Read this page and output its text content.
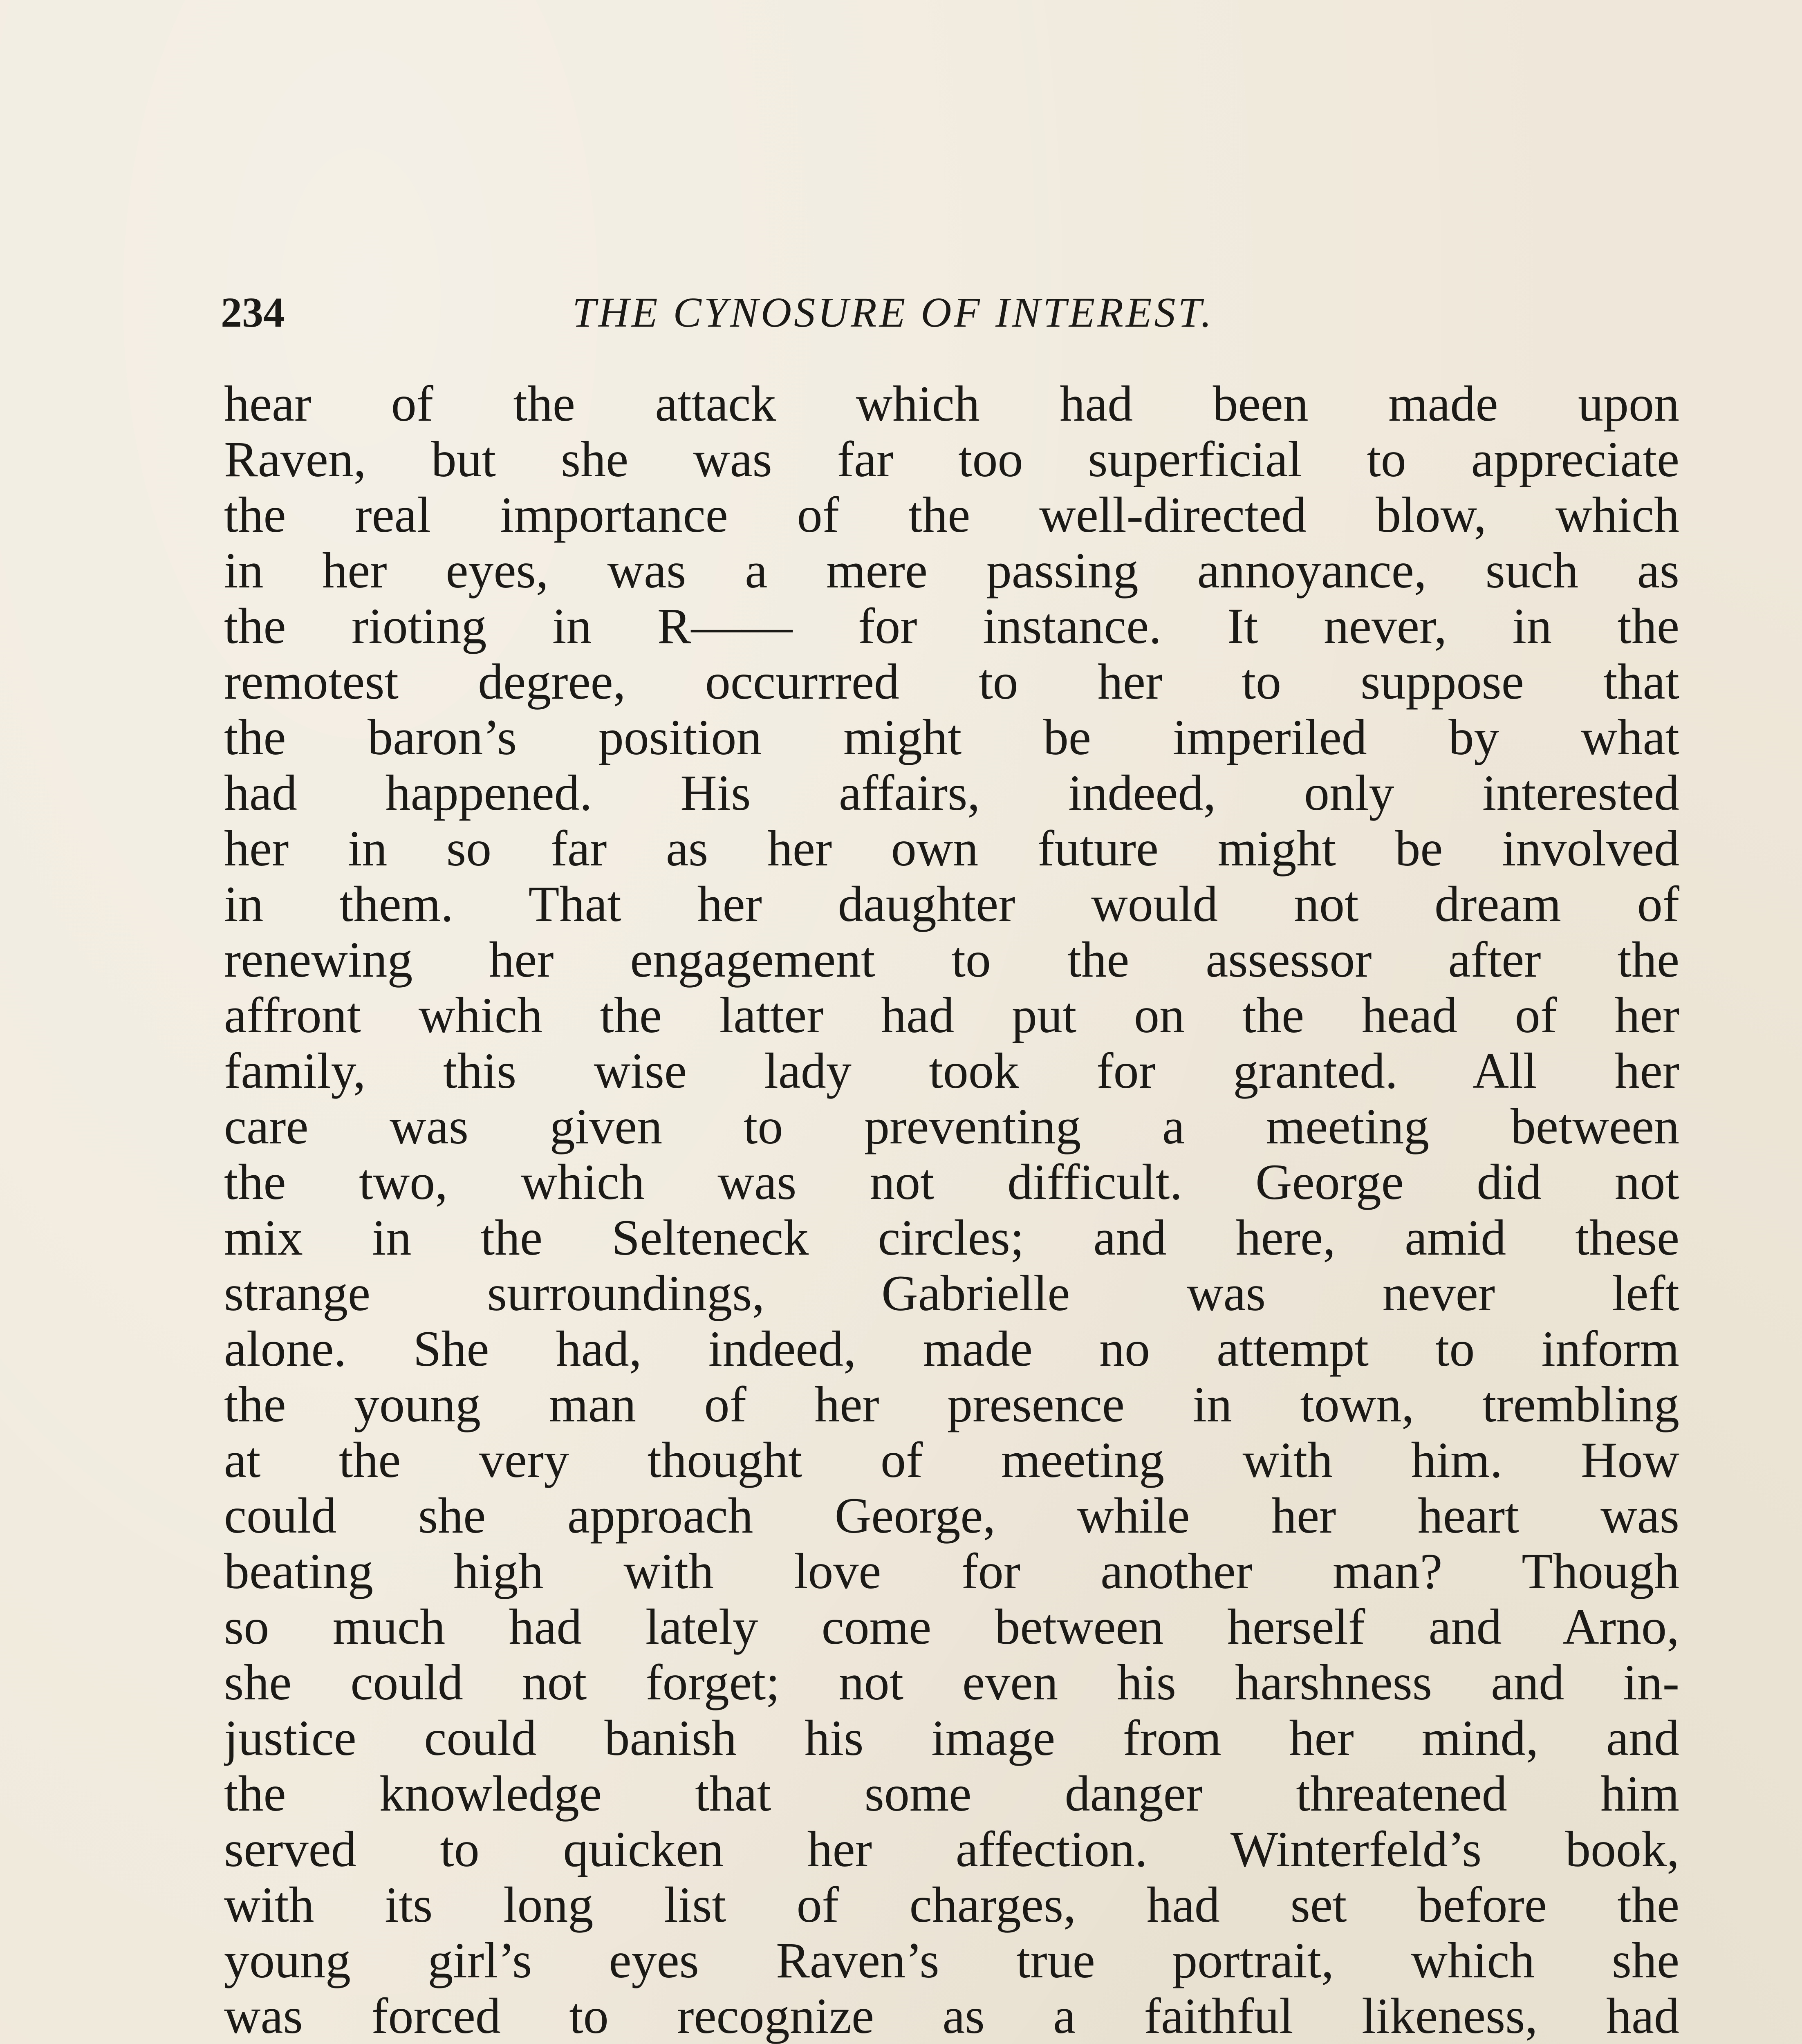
234	THE CYNOSURE OF INTEREST.
hear of the attack which had been made upon
Raven, but she was far too superficial to appreciate
the real importance of the well-directed blow, which
in her eyes, was a mere passing annoyance, such as
the rioting in R—— for instance. It never, in the
remotest degree, occurrred to her to suppose that
the baron’s position might be imperiled by what
had happened. His affairs, indeed, only interested
her in so far as her own future might be involved
in them. That her daughter would not dream of
renewing her engagement to the assessor after the
affront which the latter had put on the head of her
family, this wise lady took for granted. All her
care was given to preventing a meeting between
the two, which was not difficult. George did not
mix in the Selteneck circles; and here, amid these
strange surroundings, Gabrielle was never left
alone. She had, indeed, made no attempt to inform
the young man of her presence in town, trembling
at the very thought of meeting with him. How
could she approach George, while her heart was
beating high with love for another man? Though
so much had lately come between herself and Arno,
she could not forget; not even his harshness and in-
justice could banish his image from her mind, and
the knowledge that some danger threatened him
served to quicken her affection. Winterfeld’s book,
with its long list of charges, had set before the
young girl’s eyes Raven’s true portrait, which she
was forced to recognize as a faithful likeness, had
